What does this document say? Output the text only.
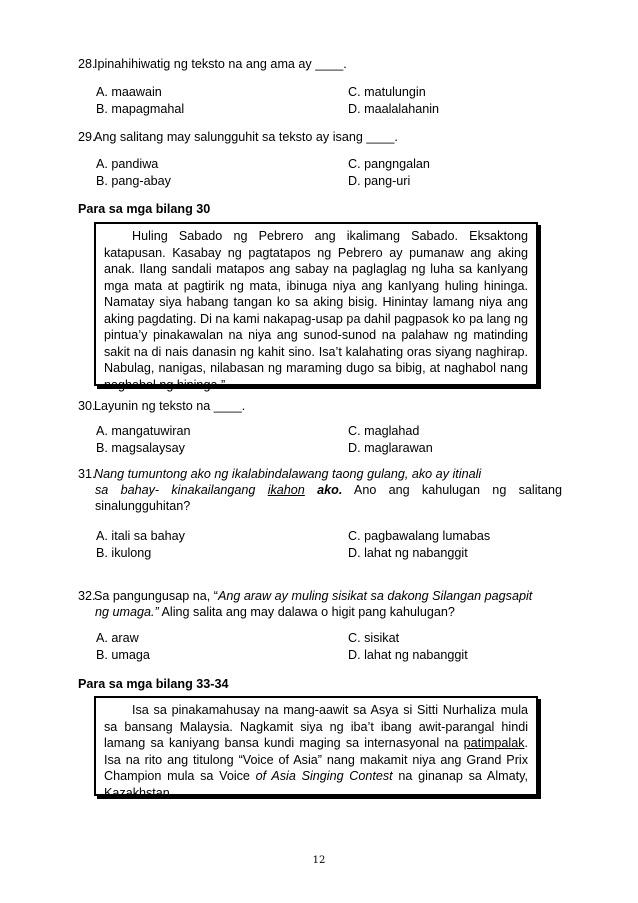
28.Ipinahihiwatig ng teksto na ang ama ay ____.
A. maawain	C. matulungin
B. mapagmahal	D. maalalahanin
29.Ang salitang may salungguhit sa teksto ay isang ____.
A. pandiwa	C. pangngalan
B. pang-abay	D. pang-uri
Para sa mga bilang 30
Huling Sabado ng Pebrero ang ikalimang Sabado. Eksaktong katapusan. Kasabay ng pagtatapos ng Pebrero ay pumanaw ang aking anak. Ilang sandali matapos ang sabay na paglaglag ng luha sa kanIyang mga mata at pagtirik ng mata, ibinuga niya ang kanIyang huling hininga. Namatay siya habang tangan ko sa aking bisig. Hinintay lamang niya ang aking pagdating. Di na kami nakapag-usap pa dahil pagpasok ko pa lang ng pintua’y pinakawalan na niya ang sunod-sunod na palahaw ng matinding sakit na di nais danasin ng kahit sino. Isa’t kalahating oras siyang naghirap. Nabulag, nanigas, nilabasan ng maraming dugo sa bibig, at naghabol nang naghabol ng hininga.”
30.Layunin ng teksto na ____.
A. mangatuwiran	C. maglahad
B. magsalaysay	D. maglarawan
31.Nang tumuntong ako ng ikalabindalawang taong gulang, ako ay itinali
sa bahay- kinakailangang ikahon ako. Ano ang kahulugan ng salitang
sinalungguhitan?
A. itali sa bahay	C. pagbawalang lumabas
B. ikulong	D. lahat ng nabanggit
32.Sa pangungusap na, “Ang araw ay muling sisikat sa dakong Silangan pagsapit
ng umaga.” Aling salita ang may dalawa o higit pang kahulugan?
A. araw	C. sisikat
B. umaga	D. lahat ng nabanggit
Para sa mga bilang 33-34
Isa sa pinakamahusay na mang-aawit sa Asya si Sitti Nurhaliza mula sa bansang Malaysia. Nagkamit siya ng iba’t ibang awit-parangal hindi lamang sa kaniyang bansa kundi maging sa internasyonal na patimpalak. Isa na rito ang titulong “Voice of Asia” nang makamit niya ang Grand Prix Champion mula sa Voice of Asia Singing Contest na ginanap sa Almaty, Kazakhstan.
12
